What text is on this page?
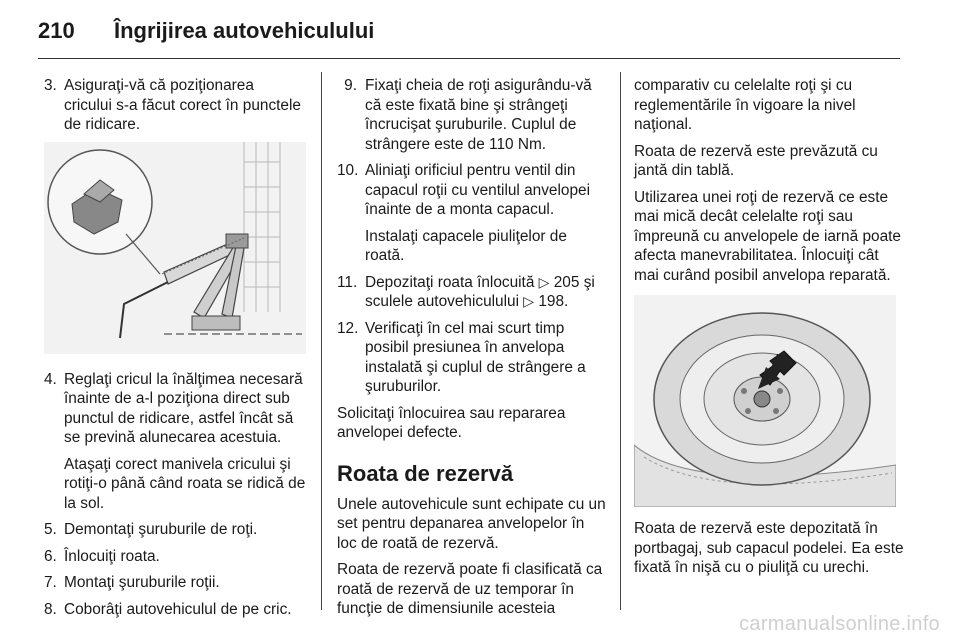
210	Îngrijirea autovehiculului
3. Asiguraţi-vă că poziţionarea cricului s-a făcut corect în punctele de ridicare.
4. Reglaţi cricul la înălţimea necesară înainte de a-l poziţiona direct sub punctul de ridicare, astfel încât să se prevină alunecarea acestuia.

Ataşaţi corect manivela cricului şi rotiţi-o până când roata se ridică de la sol.

5. Demontaţi şuruburile de roţi.
6. Înlocuiţi roata.
7. Montaţi şuruburile roţii.
8. Coborâţi autovehiculul de pe cric.
9. Fixaţi cheia de roţi asigurându-vă că este fixată bine şi strângeţi încrucişat şuruburile. Cuplul de strângere este de 110 Nm.
10. Aliniaţi orificiul pentru ventil din capacul roţii cu ventilul anvelopei înainte de a monta capacul.

Instalaţi capacele piuliţelor de roată.

11. Depozitaţi roata înlocuită ▷ 205 şi sculele autovehiculului ▷ 198.
12. Verificaţi în cel mai scurt timp posibil presiunea în anvelopa instalată şi cuplul de strângere a şuruburilor.

Solicitaţi înlocuirea sau repararea anvelopei defecte.

Roata de rezervă

Unele autovehicule sunt echipate cu un set pentru depanarea anvelopelor în loc de roată de rezervă.

Roata de rezervă poate fi clasificată ca roată de rezervă de uz temporar în funcţie de dimensiunile acesteia

comparativ cu celelalte roţi şi cu reglementările în vigoare la nivel naţional.

Roata de rezervă este prevăzută cu jantă din tablă.

Utilizarea unei roţi de rezervă ce este mai mică decât celelalte roţi sau împreună cu anvelopele de iarnă poate afecta manevrabilitatea. Înlocuiţi cât mai curând posibil anvelopa reparată.

Roata de rezervă este depozitată în portbagaj, sub capacul podelei. Ea este fixată în nişă cu o piuliţă cu urechi.

carmanualsonline.info
